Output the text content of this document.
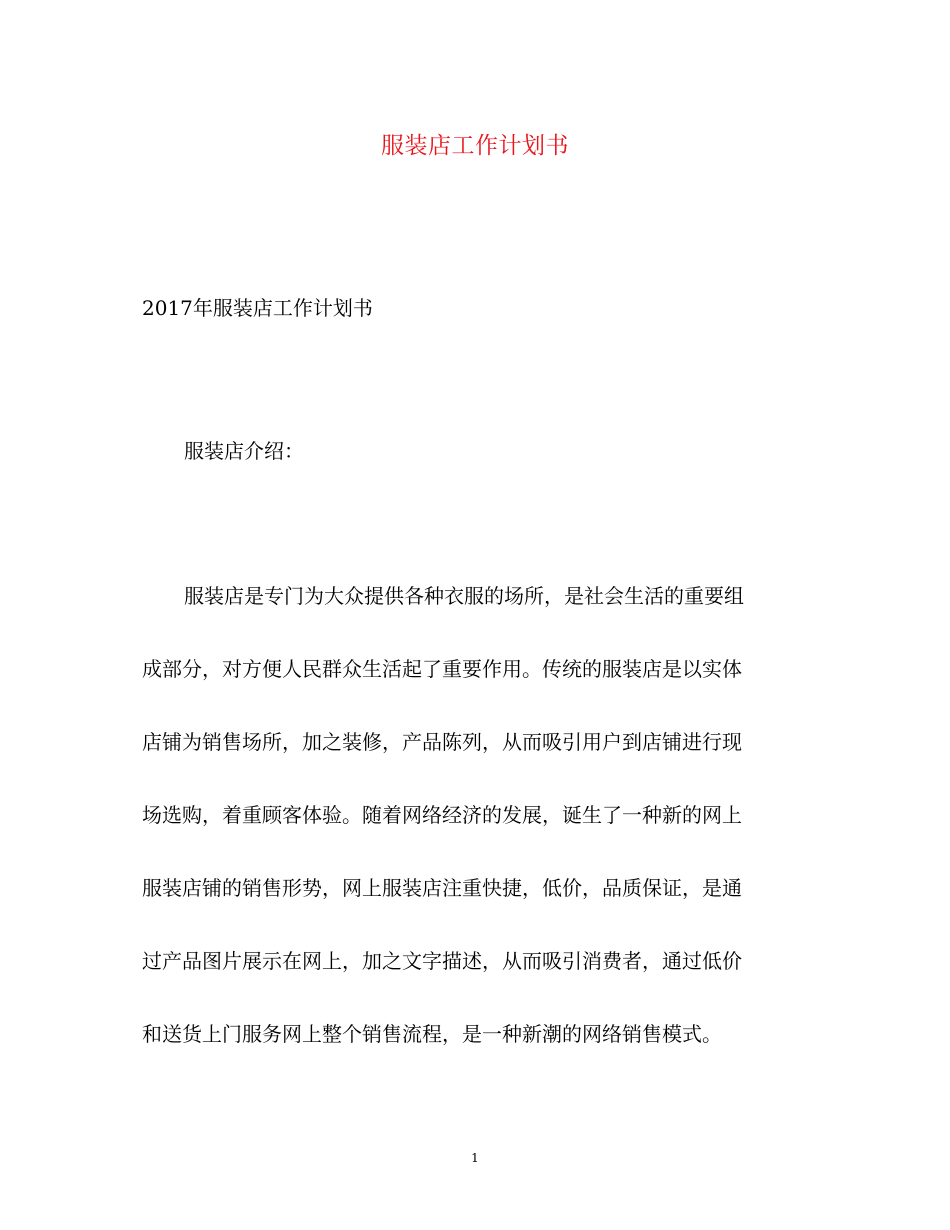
服装店工作计划书
2017年服装店工作计划书
服装店介绍：
服装店是专门为大众提供各种衣服的场所，是社会生活的重要组
成部分，对方便人民群众生活起了重要作用。传统的服装店是以实体
店铺为销售场所，加之装修，产品陈列，从而吸引用户到店铺进行现
场选购，着重顾客体验。随着网络经济的发展，诞生了一种新的网上
服装店铺的销售形势，网上服装店注重快捷，低价，品质保证，是通
过产品图片展示在网上，加之文字描述，从而吸引消费者，通过低价
和送货上门服务网上整个销售流程，是一种新潮的网络销售模式。
1
